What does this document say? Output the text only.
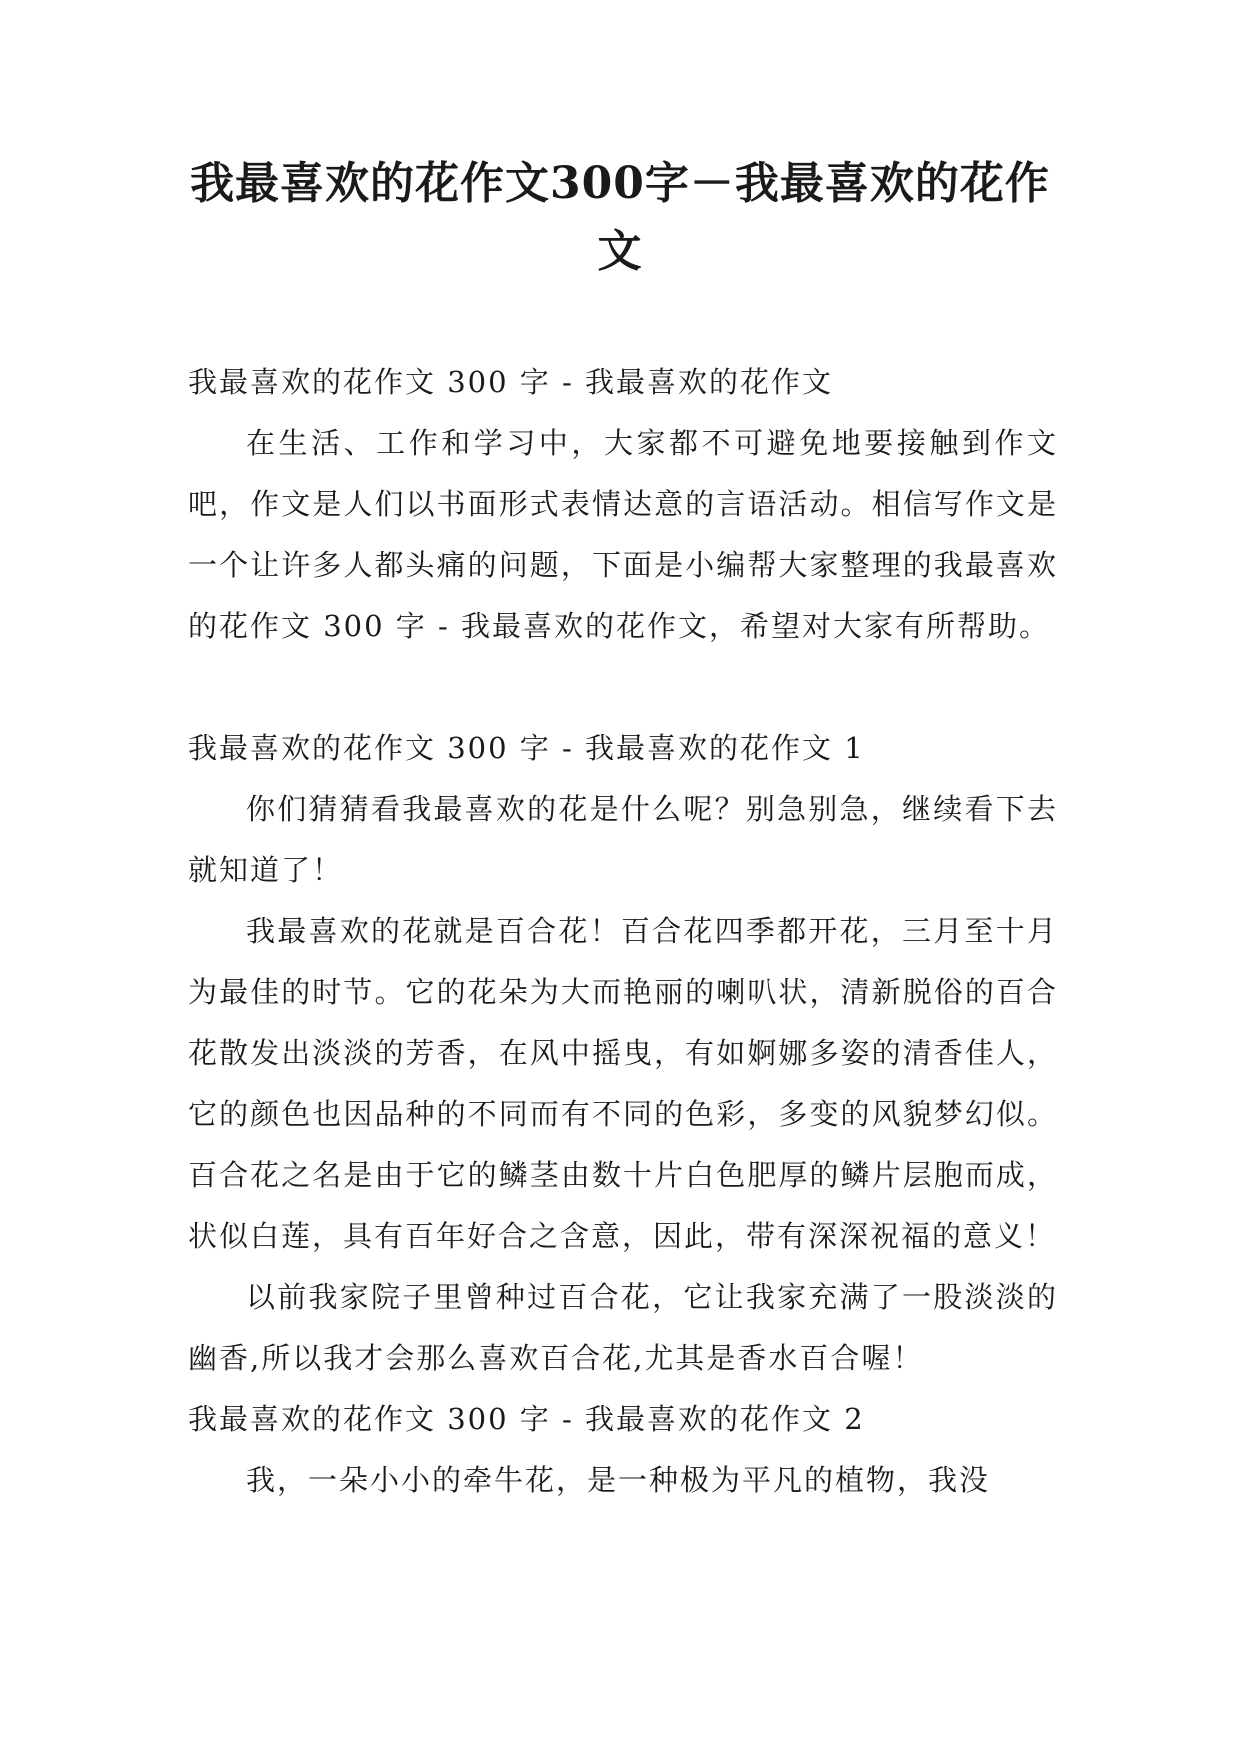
我最喜欢的花作文300字－我最喜欢的花作文
我最喜欢的花作文 300 字 - 我最喜欢的花作文

在生活、工作和学习中，大家都不可避免地要接触到作文吧，作文是人们以书面形式表情达意的言语活动。相信写作文是一个让许多人都头痛的问题，下面是小编帮大家整理的我最喜欢的花作文 300 字 - 我最喜欢的花作文，希望对大家有所帮助。

我最喜欢的花作文 300 字 - 我最喜欢的花作文 1

你们猜猜看我最喜欢的花是什么呢？别急别急，继续看下去就知道了！

我最喜欢的花就是百合花！百合花四季都开花，三月至十月为最佳的时节。它的花朵为大而艳丽的喇叭状，清新脱俗的百合花散发出淡淡的芳香，在风中摇曳，有如婀娜多姿的清香佳人，它的颜色也因品种的不同而有不同的色彩，多变的风貌梦幻似。百合花之名是由于它的鳞茎由数十片白色肥厚的鳞片层胞而成，状似白莲，具有百年好合之含意，因此，带有深深祝福的意义！

以前我家院子里曾种过百合花，它让我家充满了一股淡淡的幽香,所以我才会那么喜欢百合花,尤其是香水百合喔！

我最喜欢的花作文 300 字 - 我最喜欢的花作文 2

我，一朵小小的牵牛花，是一种极为平凡的植物，我没
